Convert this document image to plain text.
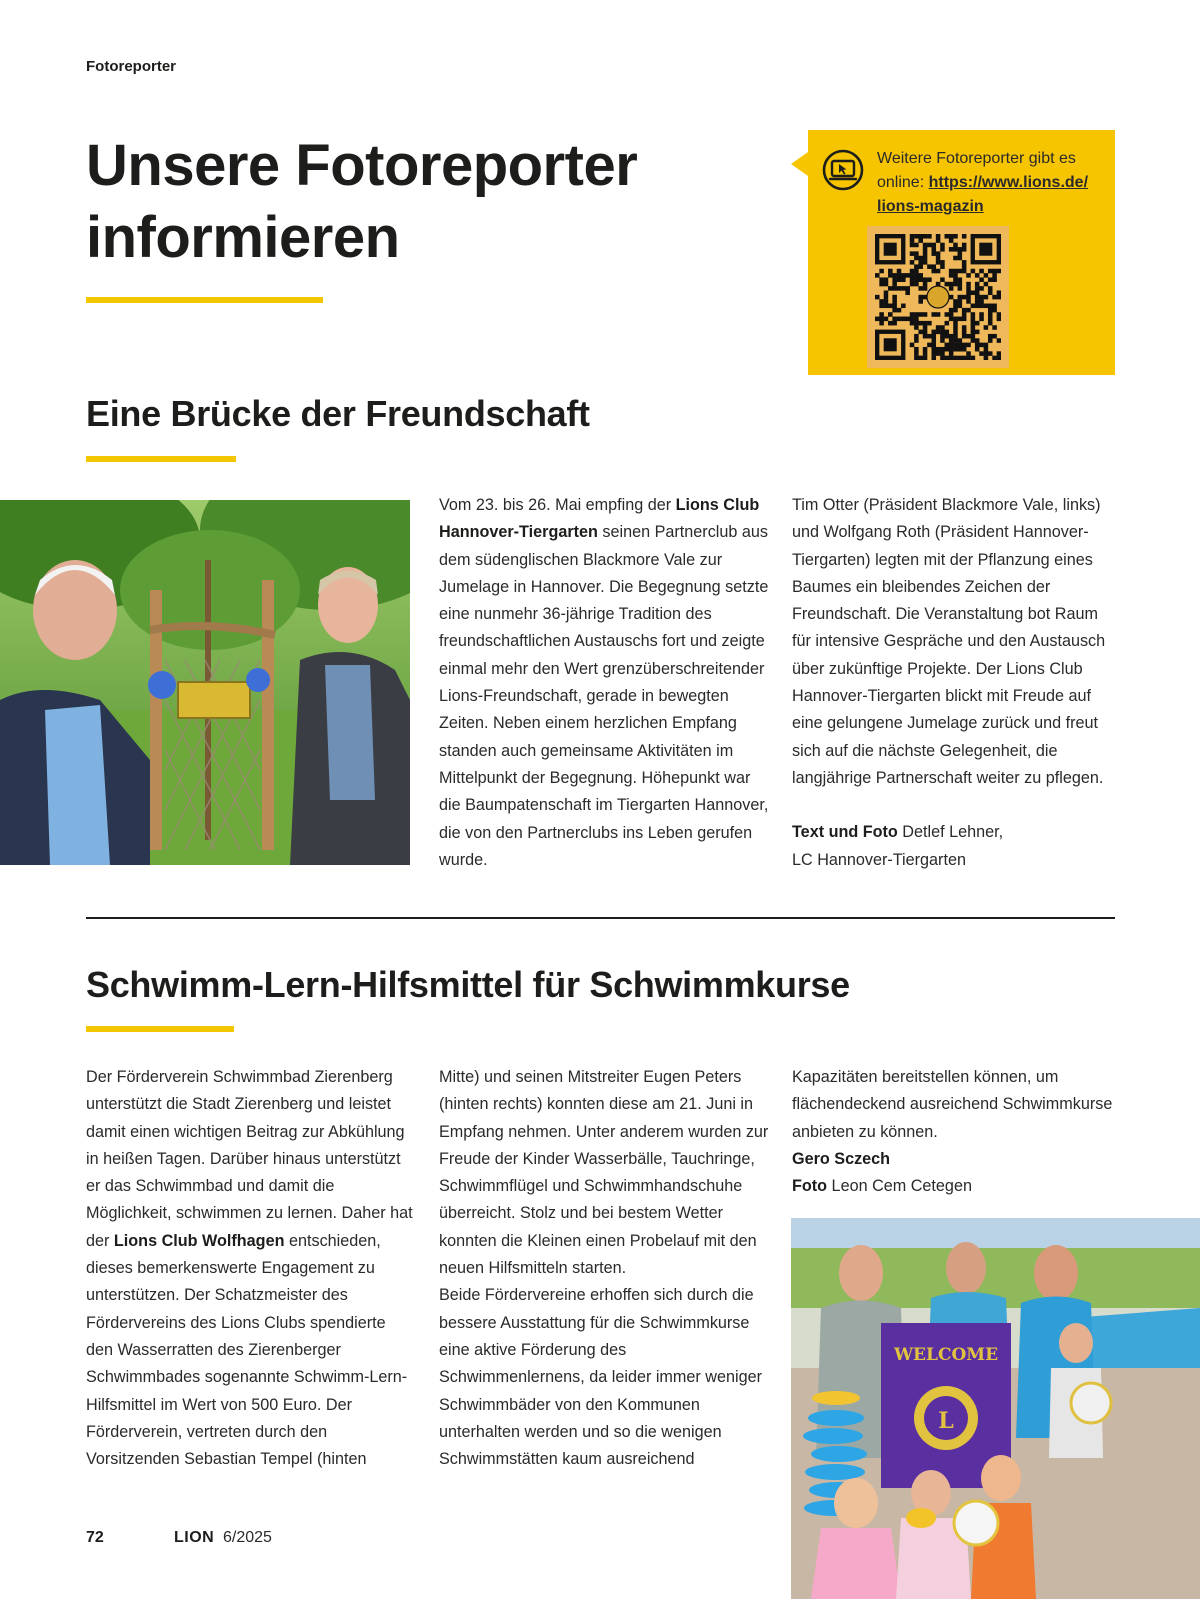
Fotoreporter
Unsere Fotoreporter
informieren
Weitere Fotoreporter gibt es online: https://www.lions.de/
lions-magazin
Eine Brücke der Freundschaft
Vom 23. bis 26. Mai empfing der Lions Club Hannover-Tiergarten seinen Partnerclub aus dem südenglischen Blackmore Vale zur Jumelage in Hannover. Die Begegnung setzte eine nunmehr 36-jährige Tradition des freundschaftlichen Austauschs fort und zeigte einmal mehr den Wert grenzüberschreitender Lions-Freundschaft, gerade in bewegten Zeiten. Neben einem herzlichen Empfang standen auch gemeinsame Aktivitäten im Mittelpunkt der Begegnung. Höhepunkt war die Baumpatenschaft im Tiergarten Hannover, die von den Partnerclubs ins Leben gerufen wurde.
Tim Otter (Präsident Blackmore Vale, links) und Wolfgang Roth (Präsident Hannover-Tiergarten) legten mit der Pflanzung eines Baumes ein bleibendes Zeichen der Freundschaft. Die Veranstaltung bot Raum für intensive Gespräche und den Austausch über zukünftige Projekte. Der Lions Club Hannover-Tiergarten blickt mit Freude auf eine gelungene Jumelage zurück und freut sich auf die nächste Gelegenheit, die langjährige Partnerschaft weiter zu pflegen.
Text und Foto Detlef Lehner,
LC Hannover-Tiergarten
Schwimm-Lern-Hilfsmittel für Schwimmkurse
Der Förderverein Schwimmbad Zierenberg unterstützt die Stadt Zierenberg und leistet damit einen wichtigen Beitrag zur Abkühlung in heißen Tagen. Darüber hinaus unterstützt er das Schwimmbad und damit die Möglichkeit, schwimmen zu lernen. Daher hat der Lions Club Wolfhagen entschieden, dieses bemerkenswerte Engagement zu unterstützen. Der Schatzmeister des Fördervereins des Lions Clubs spendierte den Wasserratten des Zierenberger Schwimmbades sogenannte Schwimm-Lern-Hilfsmittel im Wert von 500 Euro. Der Förderverein, vertreten durch den Vorsitzenden Sebastian Tempel (hinten
Mitte) und seinen Mitstreiter Eugen Peters (hinten rechts) konnten diese am 21. Juni in Empfang nehmen. Unter anderem wurden zur Freude der Kinder Wasserbälle, Tauchringe, Schwimmflügel und Schwimmhandschuhe überreicht. Stolz und bei bestem Wetter konnten die Kleinen einen Probelauf mit den neuen Hilfsmitteln starten.
Beide Fördervereine erhoffen sich durch die bessere Ausstattung für die Schwimmkurse eine aktive Förderung des Schwimmenlernens, da leider immer weniger Schwimmbäder von den Kommunen unterhalten werden und so die wenigen Schwimmstätten kaum ausreichend
Kapazitäten bereitstellen können, um flächendeckend ausreichend Schwimmkurse anbieten zu können.
Gero Sczech
Foto Leon Cem Cetegen
L
WELCOME
72	LION 6/2025
